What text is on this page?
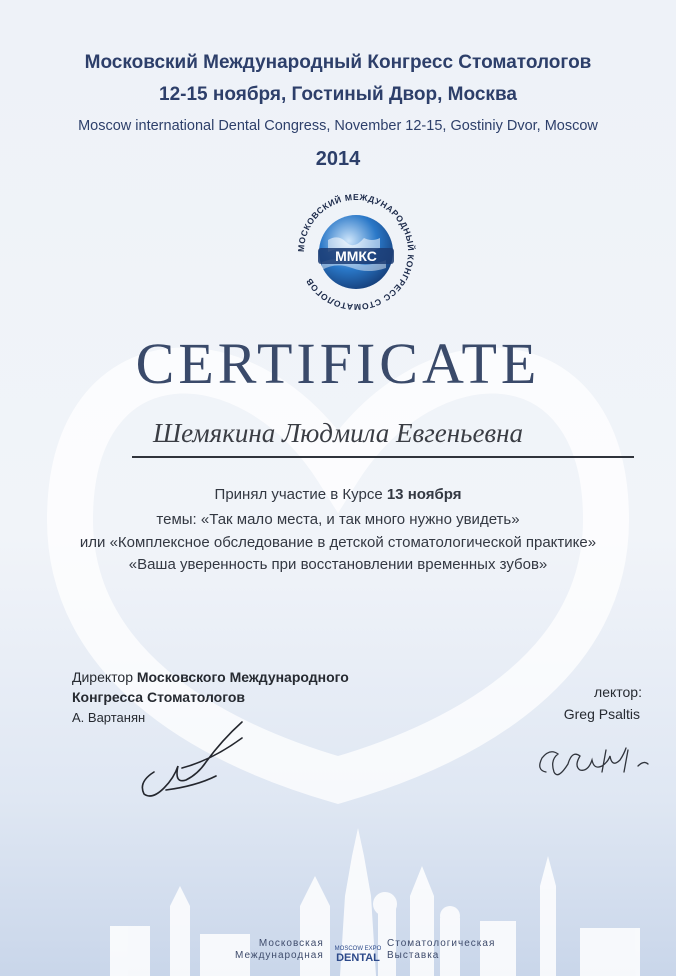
Московский Международный Конгресс Стоматологов
12-15 ноября, Гостиный Двор, Москва
Moscow international Dental Congress, November 12-15, Gostiniy Dvor, Moscow
2014
ММКС
МОСКОВСКИЙ МЕЖДУНАРОДНЫЙ КОНГРЕСС СТОМАТОЛОГОВ
CERTIFICATE
Шемякина Людмила Евгеньевна
Принял участие в Курсе 13 ноября
темы: «Так мало места, и так много нужно увидеть»
или «Комплексное обследование в детской стоматологической практике»
«Ваша уверенность при восстановлении временных зубов»
Директор Московского Международного
Конгресса Стоматологов
А. Вартанян
лектор:
Greg Psaltis
Московская
Международная
MOSCOW EXPO
DENTAL
Стоматологическая
Выставка
